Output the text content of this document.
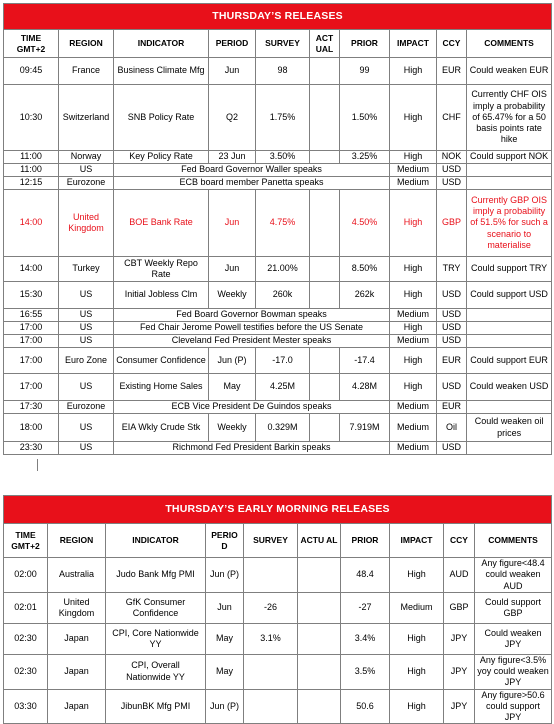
THURSDAY’S RELEASES									
TIME GMT+2	REGION	INDICATOR	PERIOD	SURVEY	ACT UAL	PRIOR	IMPACT	CCY	COMMENTS
09:45	France	Business Climate Mfg	Jun	98		99	High	EUR	Could weaken EUR
10:30	Switzerland	SNB Policy Rate	Q2	1.75%		1.50%	High	CHF	Currently CHF OIS imply a probability of 65.47% for a 50 basis points rate hike
11:00	Norway	Key Policy Rate	23 Jun	3.50%		3.25%	High	NOK	Could support NOK
11:00	US	Fed Board Governor Waller speaks					Medium	USD	
12:15	Eurozone	ECB board member Panetta speaks					Medium	USD	
14:00	United Kingdom	BOE Bank Rate	Jun	4.75%		4.50%	High	GBP	Currently GBP OIS imply a probability of 51.5% for such a scenario to materialise
14:00	Turkey	CBT Weekly Repo Rate	Jun	21.00%		8.50%	High	TRY	Could support TRY
15:30	US	Initial Jobless Clm	Weekly	260k		262k	High	USD	Could support USD
16:55	US	Fed Board Governor Bowman speaks					Medium	USD	
17:00	US	Fed Chair Jerome Powell testifies before the US Senate					High	USD	
17:00	US	Cleveland Fed President Mester speaks					Medium	USD	
17:00	Euro Zone	Consumer Confidence	Jun (P)	-17.0		-17.4	High	EUR	Could support EUR
17:00	US	Existing Home Sales	May	4.25M		4.28M	High	USD	Could weaken USD
17:30	Eurozone	ECB Vice President De Guindos speaks					Medium	EUR	
18:00	US	EIA Wkly Crude Stk	Weekly	0.329M		7.919M	Medium	Oil	Could weaken oil prices
23:30	US	Richmond Fed President Barkin speaks					Medium	USD	
THURSDAY’S EARLY MORNING RELEASES									
TIME GMT+2	REGION	INDICATOR	PERIO D	SURVEY	ACTU AL	PRIOR	IMPACT	CCY	COMMENTS
02:00	Australia	Judo Bank Mfg PMI	Jun (P)			48.4	High	AUD	Any figure<48.4 could weaken AUD
02:01	United Kingdom	GfK Consumer Confidence	Jun	-26		-27	Medium	GBP	Could support GBP
02:30	Japan	CPI, Core Nationwide YY	May	3.1%		3.4%	High	JPY	Could weaken JPY
02:30	Japan	CPI, Overall Nationwide YY	May			3.5%	High	JPY	Any figure<3.5% yoy could weaken JPY
03:30	Japan	JibunBK Mfg PMI	Jun (P)			50.6	High	JPY	Any figure>50.6 could support JPY
